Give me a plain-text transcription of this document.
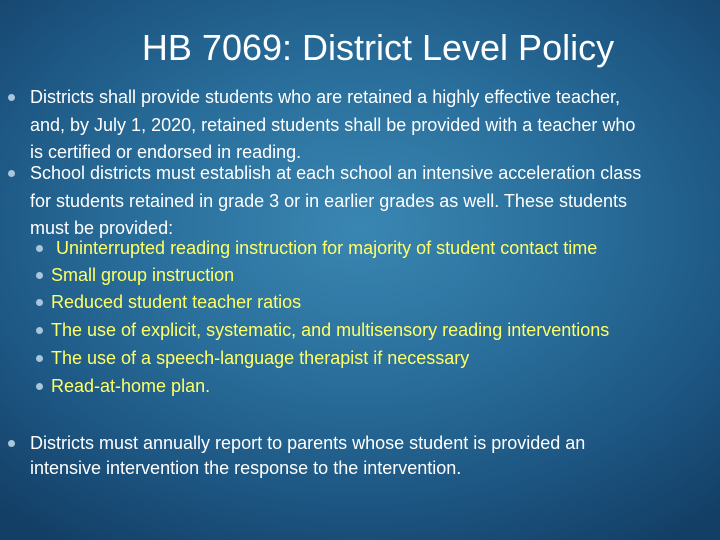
HB 7069: District Level Policy
Districts shall provide students who are retained a highly effective teacher,
and, by July 1, 2020, retained students shall be provided with a teacher who
is certified or endorsed in reading.
School districts must establish at each school an intensive acceleration class
for students retained in grade 3 or in earlier grades as well. These students
must be provided:
Uninterrupted reading instruction for majority of student contact time
Small group instruction
Reduced student teacher ratios
The use of explicit, systematic, and multisensory reading interventions
The use of a speech-language therapist if necessary
Read-at-home plan.
Districts must annually report to parents whose student is provided an
intensive intervention the response to the intervention.
